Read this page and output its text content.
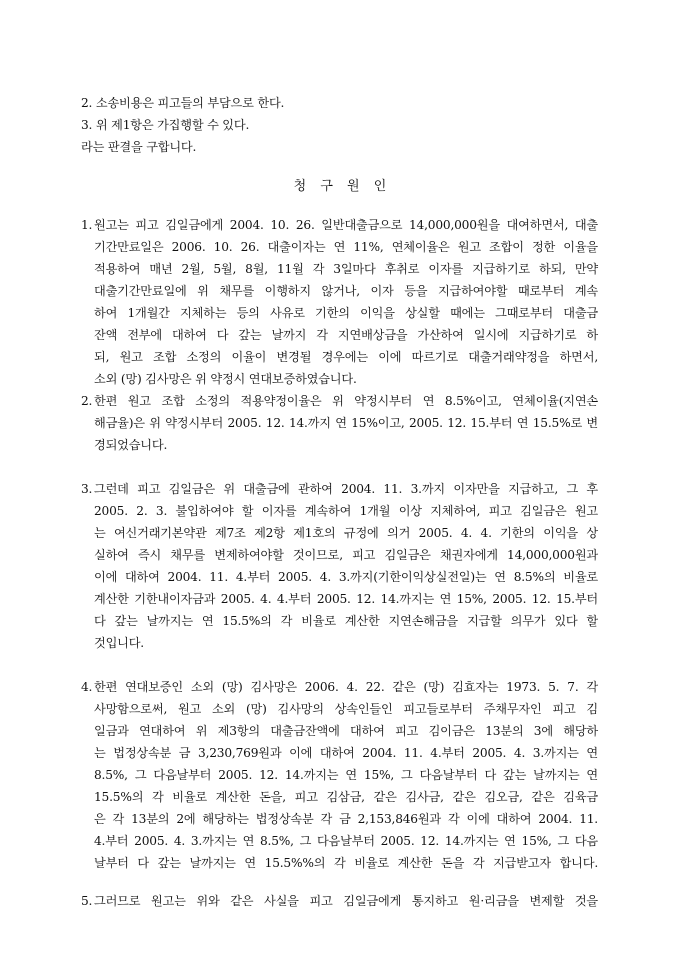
2. 소송비용은 피고들의 부담으로 한다.
3. 위 제1항은 가집행할 수 있다.
라는 판결을 구합니다.
청 구 원 인
1. 원고는 피고 김일금에게 2004. 10. 26. 일반대출금으로 14,000,000원을 대여하면서, 대출
기간만료일은 2006. 10. 26. 대출이자는 연 11%, 연체이율은 원고 조합이 정한 이율을
적용하여 매년 2월, 5월, 8월, 11월 각 3일마다 후취로 이자를 지급하기로 하되, 만약
대출기간만료일에 위 채무를 이행하지 않거나, 이자 등을 지급하여야할 때로부터 계속
하여 1개월간 지체하는 등의 사유로 기한의 이익을 상실할 때에는 그때로부터 대출금
잔액 전부에 대하여 다 갚는 날까지 각 지연배상금을 가산하여 일시에 지급하기로 하
되, 원고 조합 소정의 이율이 변경될 경우에는 이에 따르기로 대출거래약정을 하면서,
소외 (망) 김사망은 위 약정시 연대보증하였습니다.
2. 한편 원고 조합 소정의 적용약정이율은 위 약정시부터 연 8.5%이고, 연체이율(지연손
해금율)은 위 약정시부터 2005. 12. 14.까지 연 15%이고, 2005. 12. 15.부터 연 15.5%로 변
경되었습니다.
3. 그런데 피고 김일금은 위 대출금에 관하여 2004. 11. 3.까지 이자만을 지급하고, 그 후
2005. 2. 3. 불입하여야 할 이자를 계속하여 1개월 이상 지체하여, 피고 김일금은 원고
는 여신거래기본약관 제7조 제2항 제1호의 규정에 의거 2005. 4. 4. 기한의 이익을 상
실하여 즉시 채무를 변제하여야할 것이므로, 피고 김일금은 채권자에게 14,000,000원과
이에 대하여 2004. 11. 4.부터 2005. 4. 3.까지(기한이익상실전일)는 연 8.5%의 비율로
계산한 기한내이자금과 2005. 4. 4.부터 2005. 12. 14.까지는 연 15%, 2005. 12. 15.부터
다 갚는 날까지는 연 15.5%의 각 비율로 계산한 지연손해금을 지급할 의무가 있다 할
것입니다.
4. 한편 연대보증인 소외 (망) 김사망은 2006. 4. 22. 같은 (망) 김효자는 1973. 5. 7. 각
사망함으로써, 원고 소외 (망) 김사망의 상속인들인 피고들로부터 주채무자인 피고 김
일금과 연대하여 위 제3항의 대출금잔액에 대하여 피고 김이금은 13분의 3에 해당하
는 법정상속분 금 3,230,769원과 이에 대하여 2004. 11. 4.부터 2005. 4. 3.까지는 연
8.5%, 그 다음날부터 2005. 12. 14.까지는 연 15%, 그 다음날부터 다 갚는 날까지는 연
15.5%의 각 비율로 계산한 돈을, 피고 김삼금, 같은 김사금, 같은 김오금, 같은 김육금
은 각 13분의 2에 해당하는 법정상속분 각 금 2,153,846원과 각 이에 대하여 2004. 11.
4.부터 2005. 4. 3.까지는 연 8.5%, 그 다음날부터 2005. 12. 14.까지는 연 15%, 그 다음
날부터 다 갚는 날까지는 연 15.5%%의 각 비율로 계산한 돈을 각 지급받고자 합니다.
5. 그러므로 원고는 위와 같은 사실을 피고 김일금에게 통지하고 원·리금을 변제할 것을
